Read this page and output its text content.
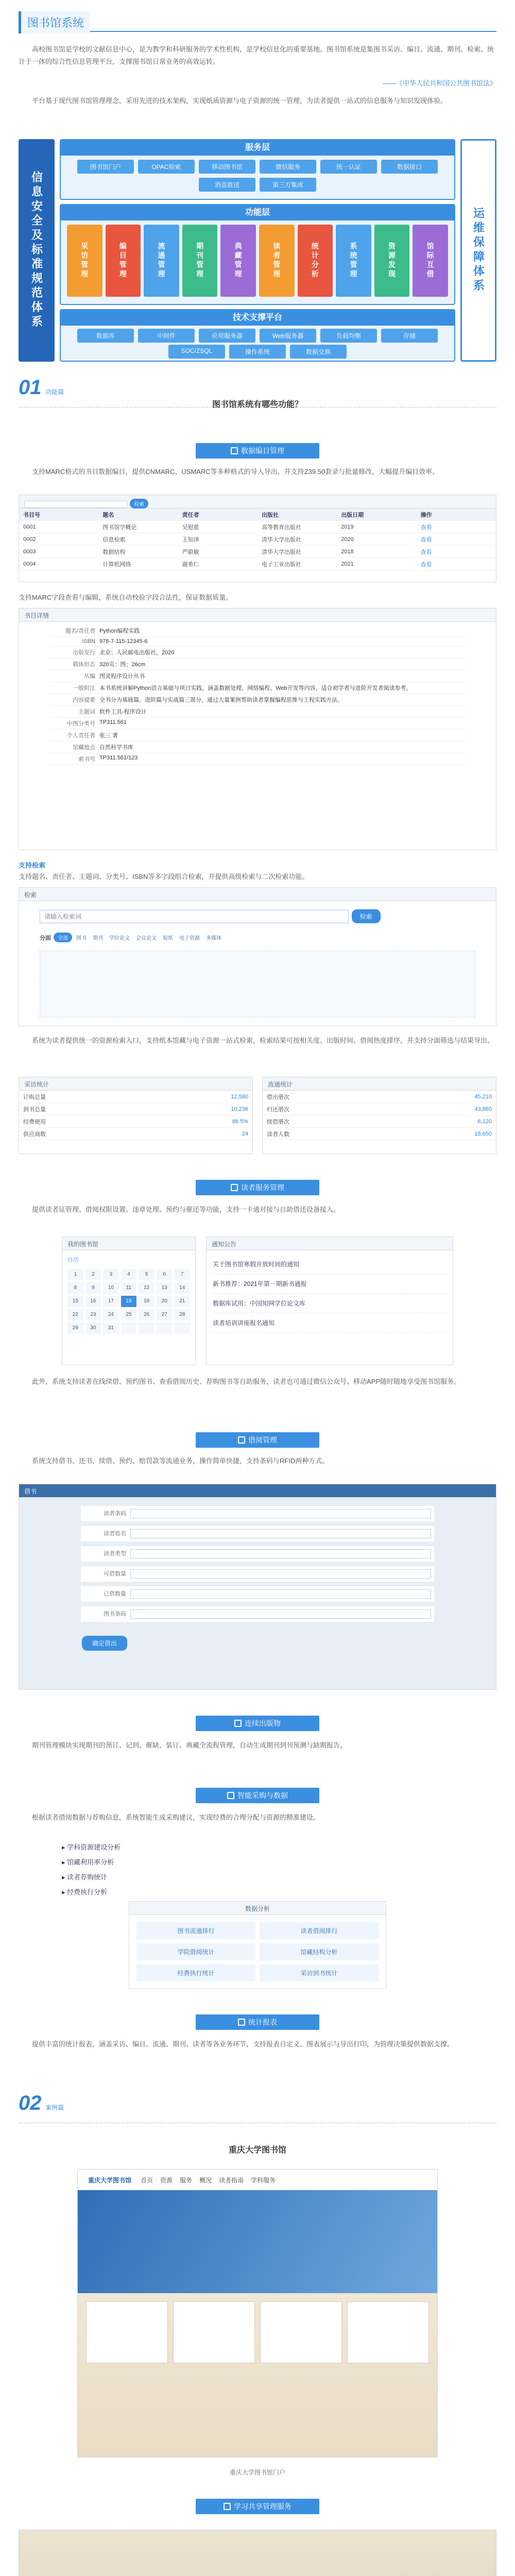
图书馆系统
高校图书馆是学校的文献信息中心，是为教学和科研服务的学术性机构，是学校信息化的重要基地。图书馆系统是集图书采访、编目、流通、期刊、检索、统计于一体的综合性信息管理平台，支撑图书馆日常业务的高效运转。
——《中华人民共和国公共图书馆法》
平台基于现代图书馆管理理念，采用先进的技术架构，实现纸质资源与电子资源的统一管理，为读者提供一站式的信息服务与知识发现体验。
信息安全及标准规范体系	运维保障体系
服务层
图书馆门户	OPAC检索	移动图书馆	微信服务	统一认证	数据接口
消息推送	第三方集成
功能层
采访管理	编目管理	流通管理	期刊管理	典藏管理	读者管理	统计分析	系统管理	资源发现	馆际互借
技术支撑平台
数据库	中间件	应用服务器	Web服务器	负载均衡	存储
SOC/ZSQL	操作系统	数据交换
01 功能篇
图书馆系统有哪些功能？
数据编目管理
支持MARC格式的书目数据编目，提供CNMARC、USMARC等多种格式的导入导出，并支持Z39.50套录与批量修改，大幅提升编目效率。
检索
书目号	题名	责任者	出版社	出版日期	操作
0001	图书馆学概论	吴慰慈	高等教育出版社	2019	查看
0002	信息检索	王知津	清华大学出版社	2020	查看
0003	数据结构	严蔚敏	清华大学出版社	2018	查看
0004	计算机网络	谢希仁	电子工业出版社	2021	查看
支持MARC字段查看与编辑，系统自动校验字段合法性，保证数据质量。
书目详情
题名/责任者 Python编程实践
ISBN 978-7-115-12345-6
出版发行 北京：人民邮电出版社，2020
载体形态 320页：图；26cm
丛编 图灵程序设计丛书
一般附注 本书系统讲解Python语言基础与项目实践，涵盖数据处理、网络编程、Web开发等内容，适合初学者与进阶开发者阅读参考。
内容提要 全书分为基础篇、进阶篇与实战篇三部分，通过大量案例帮助读者掌握编程思维与工程实践方法。
主题词 软件工具-程序设计
中图分类号 TP311.561
个人责任者 张三 著
馆藏地点 自然科学书库
索书号 TP311.561/123
支持检索
支持题名、责任者、主题词、分类号、ISBN等多字段组合检索，并提供高级检索与二次检索功能。
检索
请输入检索词 检索
分面 全部 图书 期刊 学位论文 会议论文 报纸 电子资源 多媒体
系统为读者提供统一的资源检索入口，支持纸本馆藏与电子资源一站式检索，检索结果可按相关度、出版时间、借阅热度排序，并支持分面筛选与结果导出。
采访统计
订购总量	12,580
到书总量	10,236
经费使用	86.5%
供应商数	24
流通统计
借出册次	45,210
归还册次	43,880
续借册次	6,120
读者人数	18,650
读者服务管理
提供读者证管理、借阅权限设置、违章处理、预约与催还等功能，支持一卡通对接与自助借还设备接入。
我的图书馆
日历
1	2	3	4	5	6	7
8	9	10	11	12	13	14
15	16	17	18	19	20	21
22	23	24	25	26	27	28
29	30	31
通知公告
关于图书馆寒假开放时间的通知
新书推荐：2021年第一期新书通报
数据库试用：中国知网学位论文库
读者培训讲座报名通知
此外，系统支持读者在线续借、预约图书、查看借阅历史、荐购图书等自助服务，读者也可通过微信公众号、移动APP随时随地享受图书馆服务。
借阅管理
系统支持借书、还书、续借、预约、赔罚款等流通业务，操作简单快捷，支持条码与RFID两种方式。
借书
读者条码
读者姓名
读者类型
可借数量
已借数量
图书条码
确定借出
连续出版物
期刊管理模块实现期刊的预订、记到、催缺、装订、典藏全流程管理，自动生成期刊到刊预测与缺期报告。
智能采购与数据
根据读者借阅数据与荐购信息，系统智能生成采购建议，实现经费的合理分配与资源的精准建设。
▸ 学科资源建设分析
▸ 馆藏利用率分析
▸ 读者荐购统计
▸ 经费执行分析
数据分析
图书流通排行	读者借阅排行
学院借阅统计	馆藏结构分析
经费执行统计	采访到书统计
统计报表
提供丰富的统计报表，涵盖采访、编目、流通、期刊、读者等各业务环节，支持报表自定义、图表展示与导出打印，为管理决策提供数据支撑。
02 案例篇
重庆大学图书馆
重庆大学图书馆 首页 资源 服务 概况 读者指南 学科服务
重庆大学图书馆门户
学习共享管理服务
